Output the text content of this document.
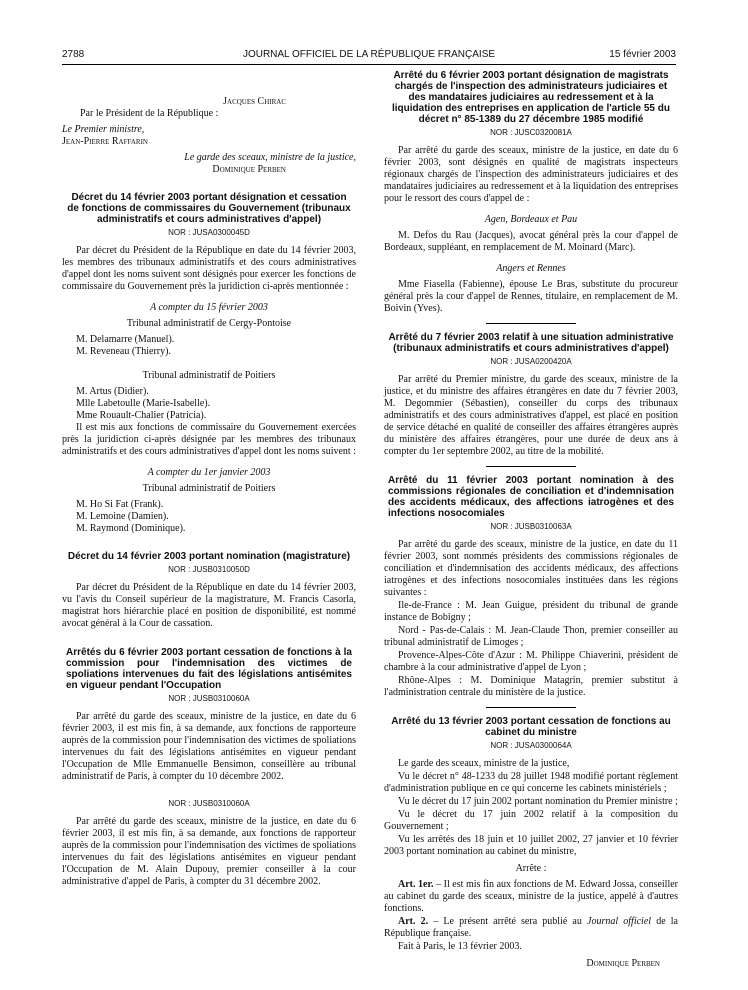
2788	JOURNAL OFFICIEL DE LA RÉPUBLIQUE FRANÇAISE	15 février 2003

Jacques Chirac

Par le Président de la République :

Le Premier ministre,

Jean-Pierre Raffarin

Le garde des sceaux, ministre de la justice,

Dominique Perben

Décret du 14 février 2003 portant désignation et cessation de fonctions de commissaires du Gouvernement (tribunaux administratifs et cours administratives d'appel)

NOR : JUSA0300045D

Par décret du Président de la République en date du 14 février 2003, les membres des tribunaux administratifs et des cours administratives d'appel dont les noms suivent sont désignés pour exercer les fonctions de commissaire du Gouvernement près la juridiction ci-après mentionnée :

A compter du 15 février 2003

Tribunal administratif de Cergy-Pontoise

M. Delamarre (Manuel).

M. Reveneau (Thierry).

Tribunal administratif de Poitiers

M. Artus (Didier).

Mlle Labetoulle (Marie-Isabelle).

Mme Rouault-Chalier (Patricia).

Il est mis aux fonctions de commissaire du Gouvernement exercées près la juridiction ci-après désignée par les membres des tribunaux administratifs et des cours administratives d'appel dont les noms suivent :

A compter du 1er janvier 2003

Tribunal administratif de Poitiers

M. Ho Si Fat (Frank).

M. Lemoine (Damien).

M. Raymond (Dominique).

Décret du 14 février 2003 portant nomination (magistrature)

NOR : JUSB0310050D

Par décret du Président de la République en date du 14 février 2003, vu l'avis du Conseil supérieur de la magistrature, M. Francis Casorla, magistrat hors hiérarchie placé en position de disponibilité, est nommé avocat général à la Cour de cassation.

Arrêtés du 6 février 2003 portant cessation de fonctions à la commission pour l'indemnisation des victimes de spoliations intervenues du fait des législations antisémites en vigueur pendant l'Occupation

NOR : JUSB0310060A

Par arrêté du garde des sceaux, ministre de la justice, en date du 6 février 2003, il est mis fin, à sa demande, aux fonctions de rapporteure auprès de la commission pour l'indemnisation des victimes de spoliations intervenues du fait des législations antisémites en vigueur pendant l'Occupation de Mlle Emmanuelle Bensimon, conseillère au tribunal administratif de Paris, à compter du 10 décembre 2002.

NOR : JUSB0310060A

Par arrêté du garde des sceaux, ministre de la justice, en date du 6 février 2003, il est mis fin, à sa demande, aux fonctions de rapporteur auprès de la commission pour l'indemnisation des victimes de spoliations intervenues du fait des législations antisémites en vigueur pendant l'Occupation de M. Alain Dupouy, premier conseiller à la cour administrative d'appel de Paris, à compter du 31 décembre 2002.

Arrêté du 6 février 2003 portant désignation de magistrats chargés de l'inspection des administrateurs judiciaires et des mandataires judiciaires au redressement et à la liquidation des entreprises en application de l'article 55 du décret n° 85-1389 du 27 décembre 1985 modifié

NOR : JUSC0320081A

Par arrêté du garde des sceaux, ministre de la justice, en date du 6 février 2003, sont désignés en qualité de magistrats inspecteurs régionaux chargés de l'inspection des administrateurs judiciaires et des mandataires judiciaires au redressement et à la liquidation des entreprises pour le ressort des cours d'appel de :

Agen, Bordeaux et Pau

M. Defos du Rau (Jacques), avocat général près la cour d'appel de Bordeaux, suppléant, en remplacement de M. Moinard (Marc).

Angers et Rennes

Mme Fiasella (Fabienne), épouse Le Bras, substitute du procureur général près la cour d'appel de Rennes, titulaire, en remplacement de M. Boivin (Yves).

Arrêté du 7 février 2003 relatif à une situation administrative (tribunaux administratifs et cours administratives d'appel)

NOR : JUSA0200420A

Par arrêté du Premier ministre, du garde des sceaux, ministre de la justice, et du ministre des affaires étrangères en date du 7 février 2003, M. Degommier (Sébastien), conseiller du corps des tribunaux administratifs et des cours administratives d'appel, est placé en position de service détaché en qualité de conseiller des affaires étrangères auprès du ministère des affaires étrangères, pour une durée de deux ans à compter du 1er septembre 2002, au titre de la mobilité.

Arrêté du 11 février 2003 portant nomination à des commissions régionales de conciliation et d'indemnisation des accidents médicaux, des affections iatrogènes et des infections nosocomiales

NOR : JUSB0310063A

Par arrêté du garde des sceaux, ministre de la justice, en date du 11 février 2003, sont nommés présidents des commissions régionales de conciliation et d'indemnisation des accidents médicaux, des affections iatrogènes et des infections nosocomiales instituées dans les régions suivantes :

Ile-de-France : M. Jean Guigue, président du tribunal de grande instance de Bobigny ;

Nord - Pas-de-Calais : M. Jean-Claude Thon, premier conseiller au tribunal administratif de Limoges ;

Provence-Alpes-Côte d'Azur : M. Philippe Chiaverini, président de chambre à la cour administrative d'appel de Lyon ;

Rhône-Alpes : M. Dominique Matagrin, premier substitut à l'administration centrale du ministère de la justice.

Arrêté du 13 février 2003 portant cessation de fonctions au cabinet du ministre

NOR : JUSA0300064A

Le garde des sceaux, ministre de la justice,

Vu le décret n° 48-1233 du 28 juillet 1948 modifié portant règlement d'administration publique en ce qui concerne les cabinets ministériels ;

Vu le décret du 17 juin 2002 portant nomination du Premier ministre ;

Vu le décret du 17 juin 2002 relatif à la composition du Gouvernement ;

Vu les arrêtés des 18 juin et 10 juillet 2002, 27 janvier et 10 février 2003 portant nomination au cabinet du ministre,

Arrête :

Art. 1er. – Il est mis fin aux fonctions de M. Edward Jossa, conseiller au cabinet du garde des sceaux, ministre de la justice, appelé à d'autres fonctions.

Art. 2. – Le présent arrêté sera publié au Journal officiel de la République française.

Fait à Paris, le 13 février 2003.

Dominique Perben
